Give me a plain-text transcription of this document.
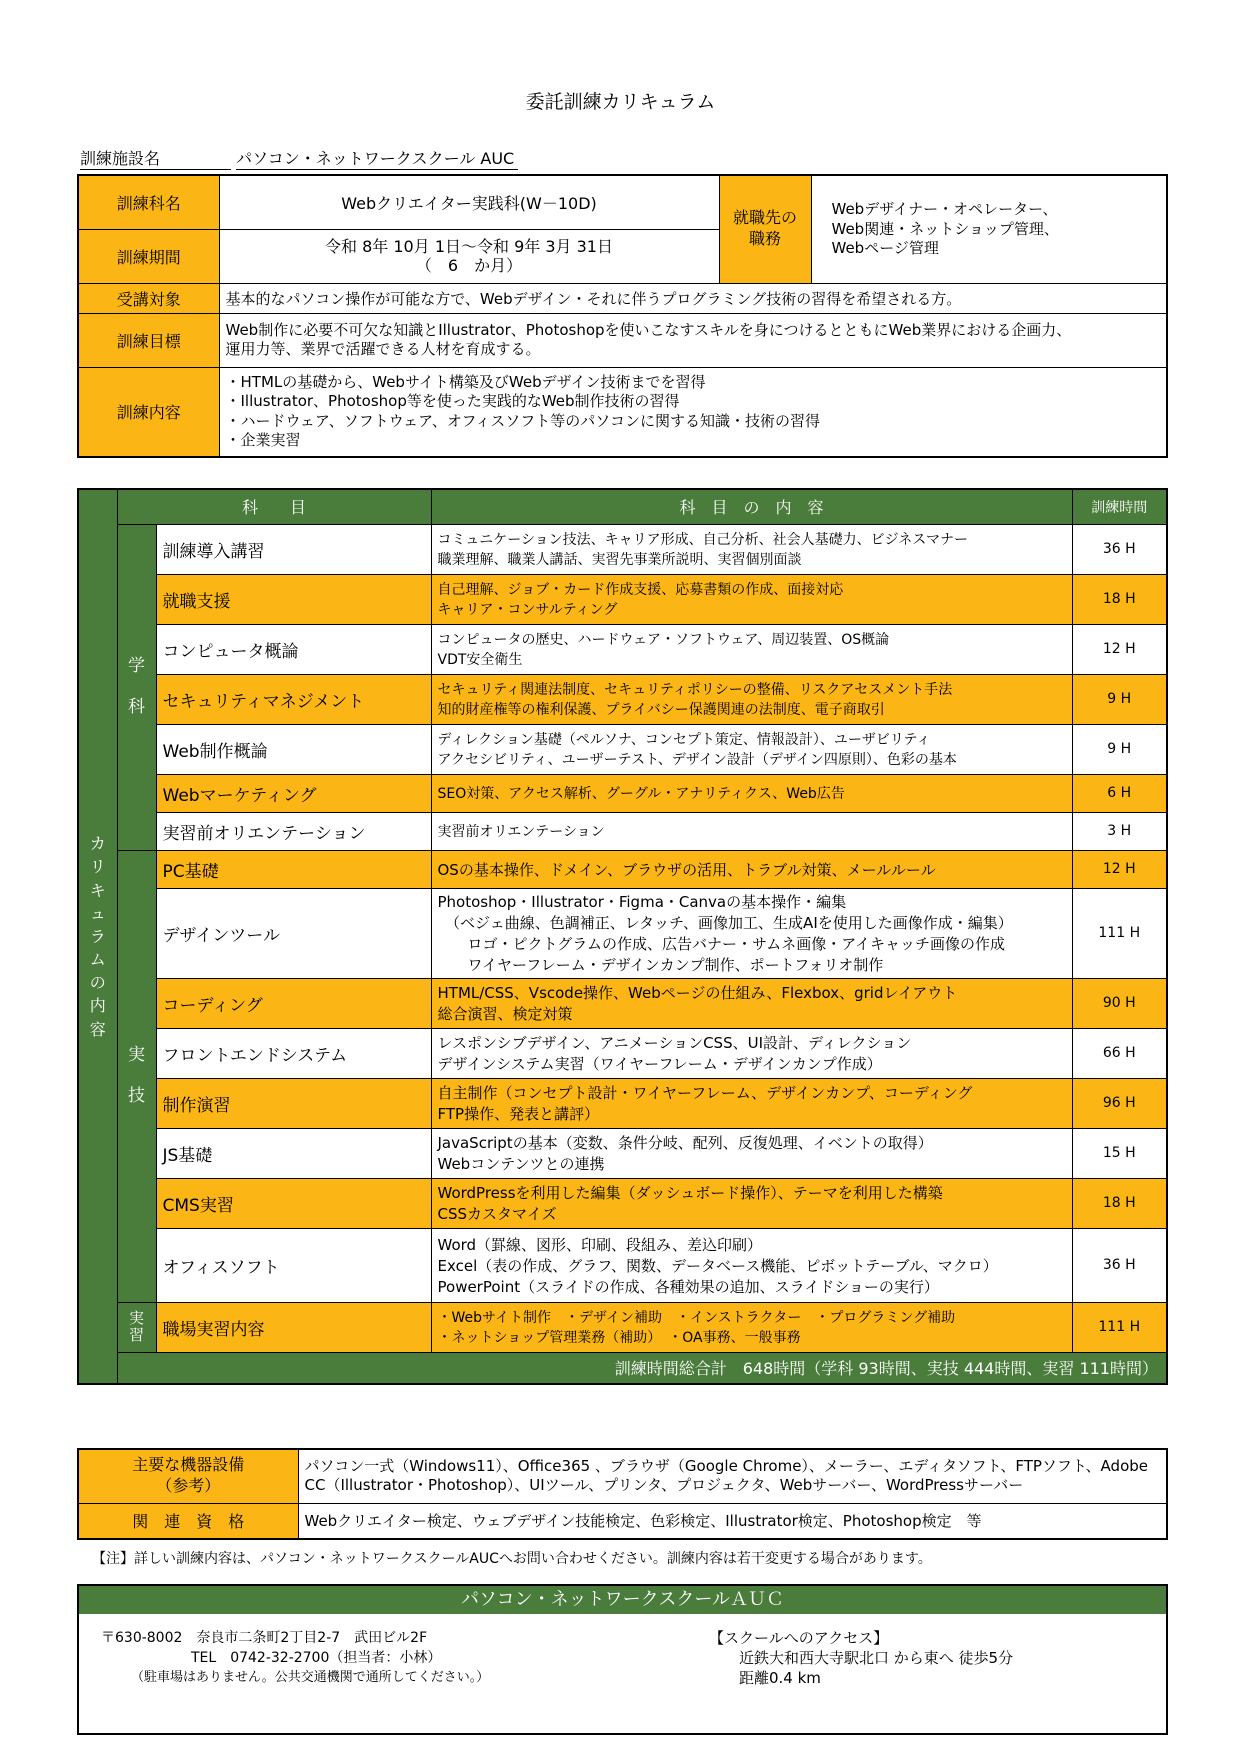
委託訓練カリキュラム
訓練施設名	パソコン・ネットワークスクール AUC
訓練科名	Webクリエイター実践科(W－10D)	就職先の
職務	Webデザイナー・オペレーター、
Web関連・ネットショップ管理、
Webページ管理
訓練期間	令和 8年 10月 1日～令和 9年 3月 31日
（　6　か月）		

受講対象	基本的なパソコン操作が可能な方で、Webデザイン・それに伴うプログラミング技術の習得を希望される方。		
訓練目標	Web制作に必要不可欠な知識とIllustrator、Photoshopを使いこなすスキルを身につけるとともにWeb業界における企画力、
運用力等、業界で活躍できる人材を育成する。		
訓練内容	・HTMLの基礎から、Webサイト構築及びWebデザイン技術までを習得
・Illustrator、Photoshop等を使った実践的なWeb制作技術の習得
・ハードウェア、ソフトウェア、オフィスソフト等のパソコンに関する知識・技術の習得
・企業実習		
カリキュラムの内容	科　　目		科　目　の　内　容	訓練時間
	学

科	訓練導入講習	コミュニケーション技法、キャリア形成、自己分析、社会人基礎力、ビジネスマナー
職業理解、職業人講話、実習先事業所説明、実習個別面談	36 H
		就職支援	自己理解、ジョブ・カード作成支援、応募書類の作成、面接対応
キャリア・コンサルティング	18 H
		コンピュータ概論	コンピュータの歴史、ハードウェア・ソフトウェア、周辺装置、OS概論
VDT安全衛生	12 H
		セキュリティマネジメント	セキュリティ関連法制度、セキュリティポリシーの整備、リスクアセスメント手法
知的財産権等の権利保護、プライバシー保護関連の法制度、電子商取引	9 H
		Web制作概論	ディレクション基礎（ペルソナ、コンセプト策定、情報設計）、ユーザビリティ
アクセシビリティ、ユーザーテスト、デザイン設計（デザイン四原則）、色彩の基本	9 H
		Webマーケティング	SEO対策、アクセス解析、グーグル・アナリティクス、Web広告	6 H
		実習前オリエンテーション	実習前オリエンテーション	3 H
	実

技	PC基礎	OSの基本操作、ドメイン、ブラウザの活用、トラブル対策、メールルール	12 H
		デザインツール	Photoshop・Illustrator・Figma・Canvaの基本操作・編集
　（ベジェ曲線、色調補正、レタッチ、画像加工、生成AIを使用した画像作成・編集）
　　ロゴ・ピクトグラムの作成、広告バナー・サムネ画像・アイキャッチ画像の作成
　　ワイヤーフレーム・デザインカンプ制作、ポートフォリオ制作	111 H
		コーディング	HTML/CSS、Vscode操作、Webページの仕組み、Flexbox、gridレイアウト
総合演習、検定対策	90 H
		フロントエンドシステム	レスポンシブデザイン、アニメーションCSS、UI設計、ディレクション
デザインシステム実習（ワイヤーフレーム・デザインカンプ作成）	66 H
		制作演習	自主制作（コンセプト設計・ワイヤーフレーム、デザインカンプ、コーディング
FTP操作、発表と講評）	96 H
		JS基礎	JavaScriptの基本（変数、条件分岐、配列、反復処理、イベントの取得）
Webコンテンツとの連携	15 H
		CMS実習	WordPressを利用した編集（ダッシュボード操作）、テーマを利用した構築
CSSカスタマイズ	18 H
		オフィスソフト	Word（罫線、図形、印刷、段組み、差込印刷）
Excel（表の作成、グラフ、関数、データベース機能、ピボットテーブル、マクロ）
PowerPoint（スライドの作成、各種効果の追加、スライドショーの実行）	36 H
	実
習	職場実習内容	・Webサイト制作　・デザイン補助　・インストラクター　・プログラミング補助
・ネットショップ管理業務（補助）　・OA事務、一般事務	111 H
	訓練時間総合計　648時間（学科 93時間、実技 444時間、実習 111時間）			
主要な機器設備
（参考）	パソコン一式（Windows11）、Office365 、ブラウザ（Google Chrome）、メーラー、エディタソフト、FTPソフト、Adobe
CC（Illustrator・Photoshop）、UIツール、プリンタ、プロジェクタ、Webサーバー、WordPressサーバー
関　連　資　格	Webクリエイター検定、ウェブデザイン技能検定、色彩検定、Illustrator検定、Photoshop検定　等
【注】詳しい訓練内容は、パソコン・ネットワークスクールAUCへお問い合わせください。訓練内容は若干変更する場合があります。
パソコン・ネットワークスクールＡＵＣ
〒630-8002　奈良市二条町2丁目2-7　武田ビル2F
TEL　0742-32-2700（担当者：小林）
（駐車場はありません。公共交通機関で通所してください。）
【スクールへのアクセス】
近鉄大和西大寺駅北口 から東へ 徒歩5分
距離0.4 km
